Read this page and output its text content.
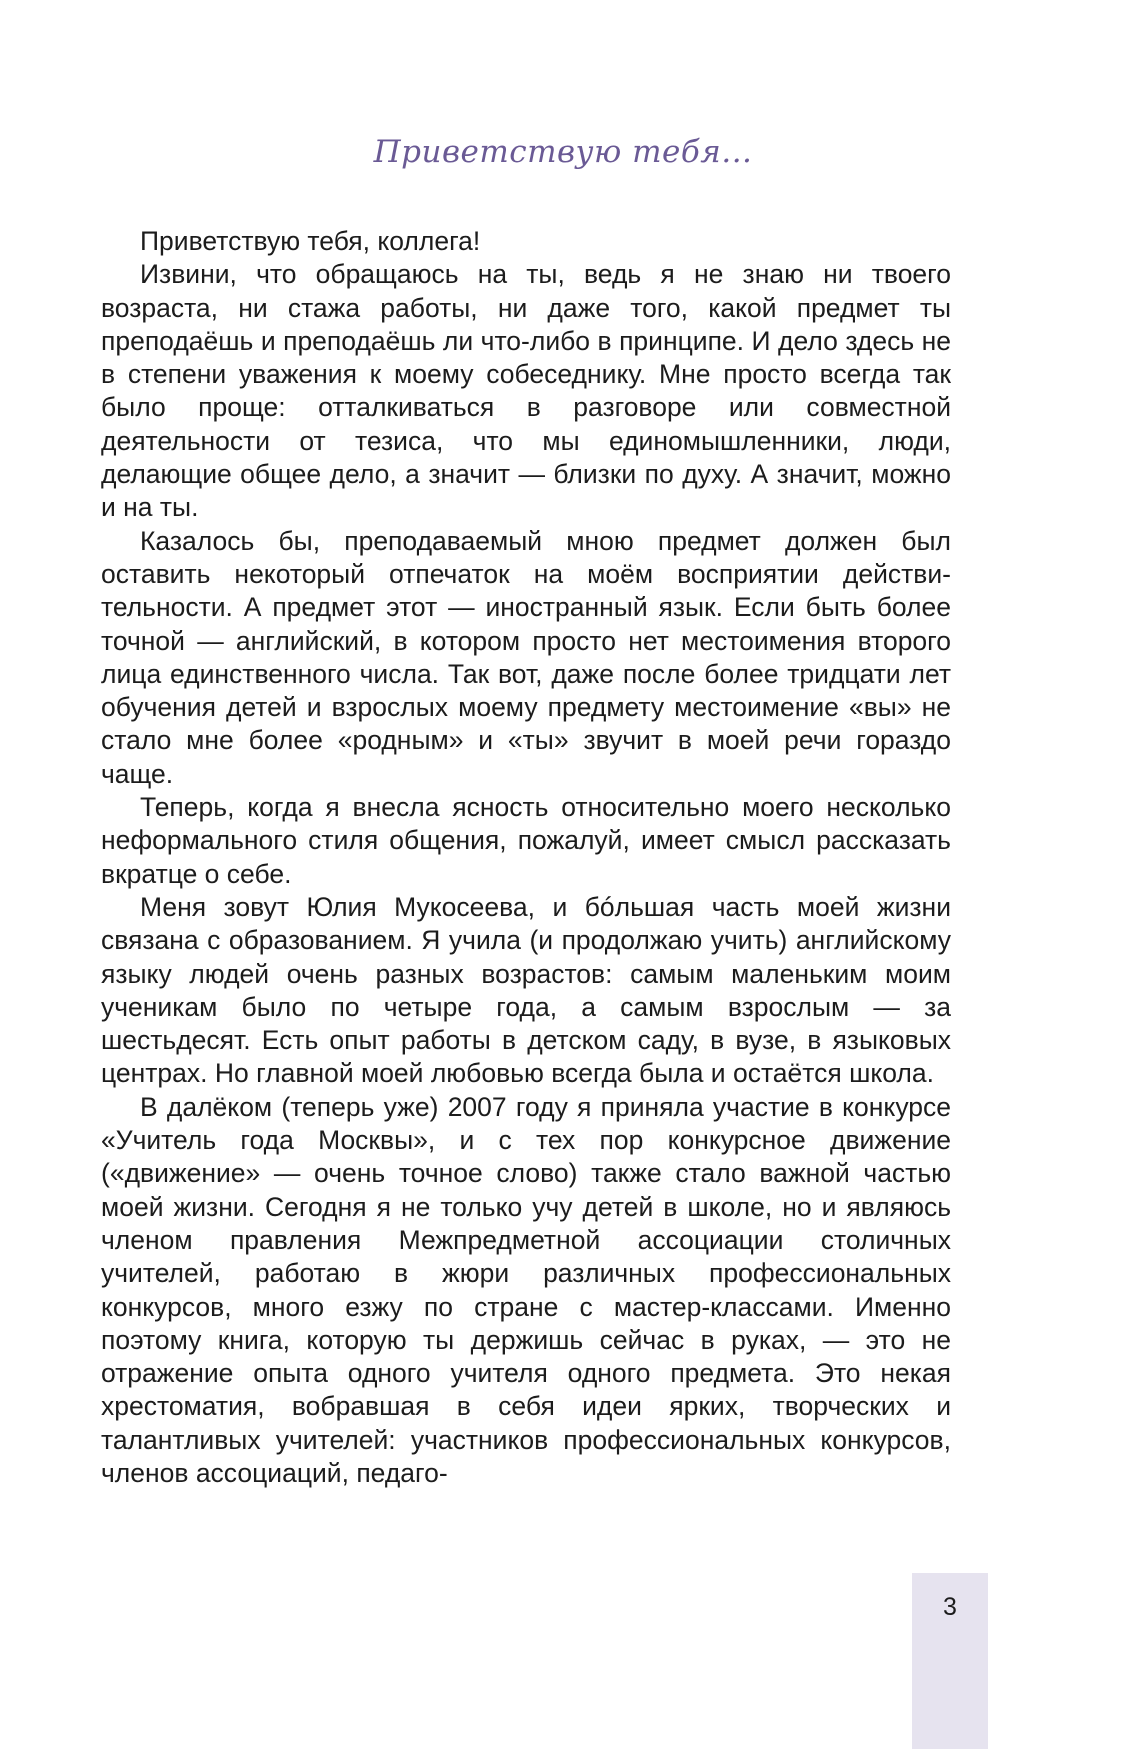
Приветствую тебя...

Приветствую тебя, коллега!

Извини, что обращаюсь на ты, ведь я не знаю ни твоего возраста, ни стажа работы, ни даже того, какой предмет ты преподаёшь и преподаёшь ли что-либо в принципе. И дело здесь не в степени уважения к моему собеседнику. Мне просто всегда так было проще: отталкиваться в разговоре или совместной деятельности от тезиса, что мы единомышленники, люди, делающие общее дело, а значит — близки по духу. А значит, можно и на ты.

Казалось бы, преподаваемый мною предмет должен был оставить некоторый отпечаток на моём восприятии действительности. А предмет этот — иностранный язык. Если быть более точной — английский, в котором просто нет местоимения второго лица единственного числа. Так вот, даже после более тридцати лет обучения детей и взрослых моему предмету местоимение «вы» не стало мне более «родным» и «ты» звучит в моей речи гораздо чаще.

Теперь, когда я внесла ясность относительно моего несколько неформального стиля общения, пожалуй, имеет смысл рассказать вкратце о себе.

Меня зовут Юлия Мукосеева, и бóльшая часть моей жизни связана с образованием. Я учила (и продолжаю учить) английскому языку людей очень разных возрастов: самым маленьким моим ученикам было по четыре года, а самым взрослым — за шестьдесят. Есть опыт работы в детском саду, в вузе, в языковых центрах. Но главной моей любовью всегда была и остаётся школа.

В далёком (теперь уже) 2007 году я приняла участие в конкурсе «Учитель года Москвы», и с тех пор конкурсное движение («движение» — очень точное слово) также стало важной частью моей жизни. Сегодня я не только учу детей в школе, но и являюсь членом правления Межпредметной ассоциации столичных учителей, работаю в жюри различных профессиональных конкурсов, много езжу по стране с мастер-классами. Именно поэтому книга, которую ты держишь сейчас в руках, — это не отражение опыта одного учителя одного предмета. Это некая хрестоматия, вобравшая в себя идеи ярких, творческих и талантливых учителей: участников профессиональных конкурсов, членов ассоциаций, педаго-

3
